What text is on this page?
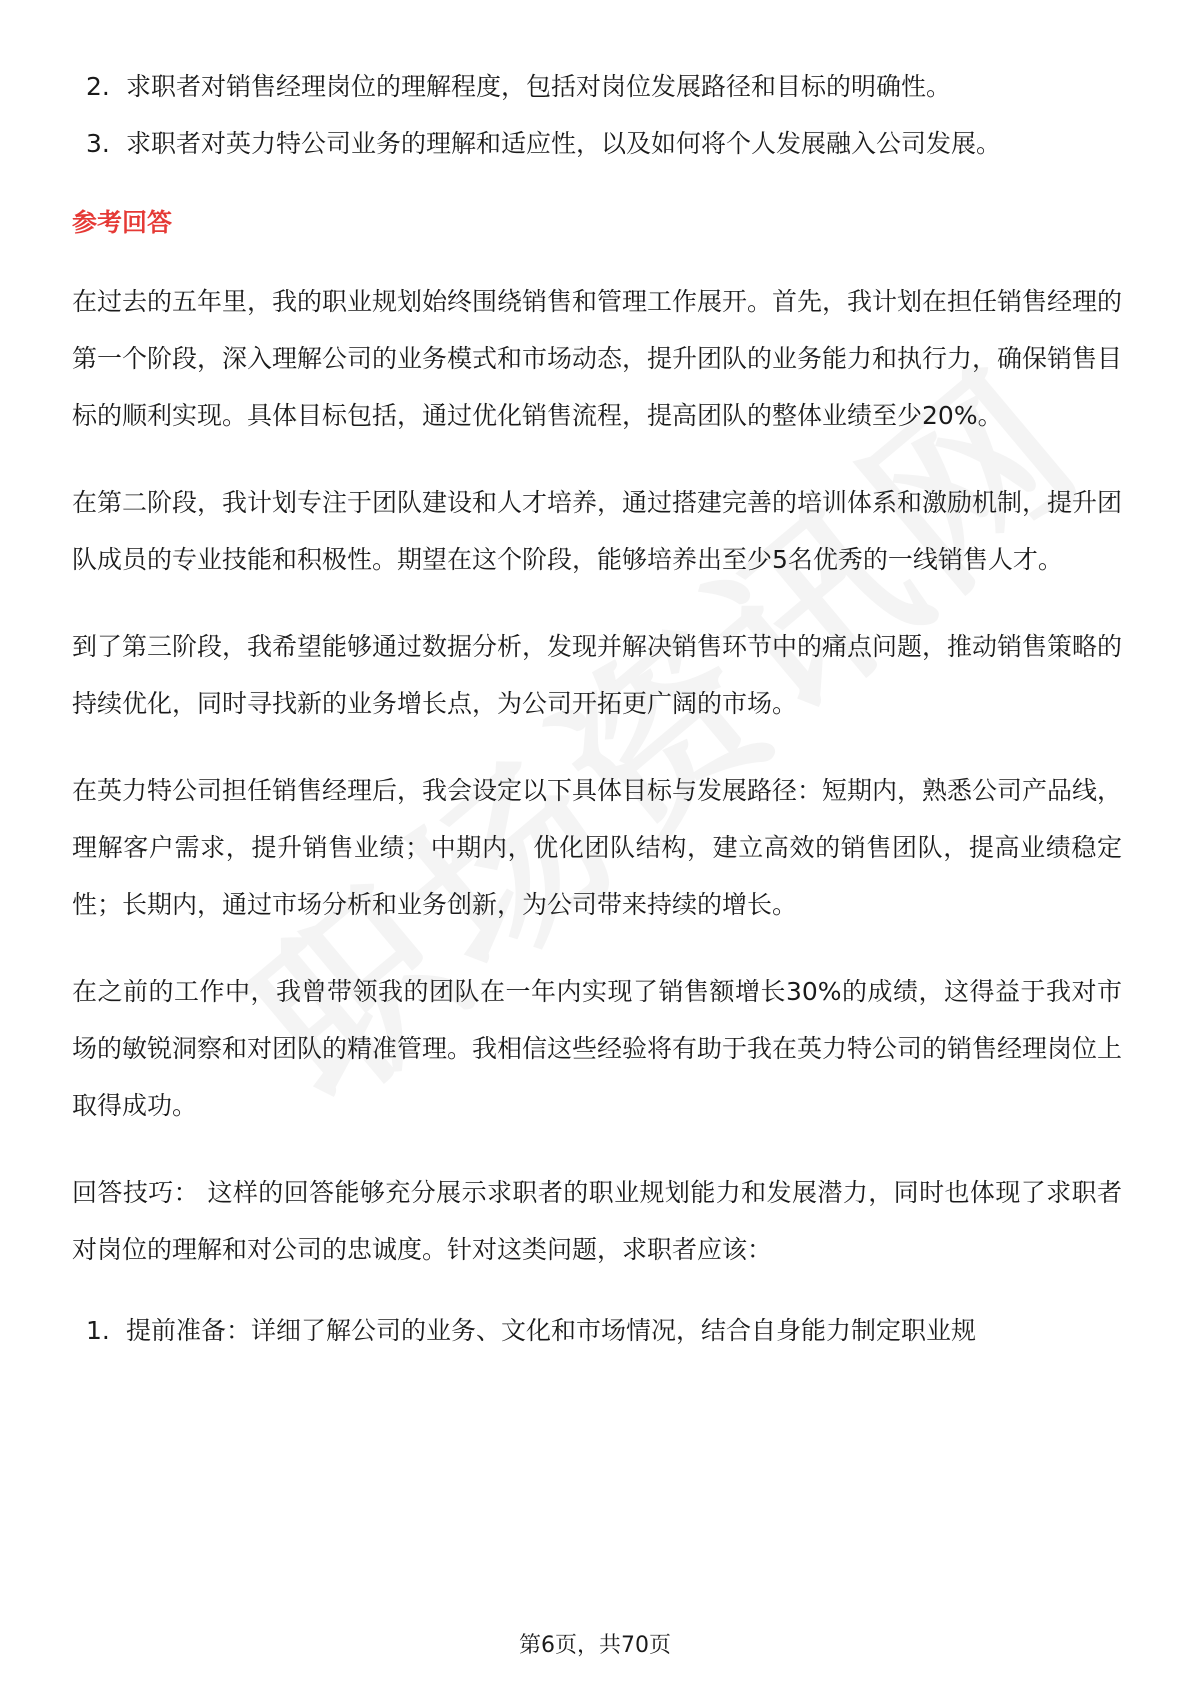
2. 求职者对销售经理岗位的理解程度，包括对岗位发展路径和目标的明确性。
3. 求职者对英力特公司业务的理解和适应性，以及如何将个人发展融入公司发展。
参考回答

在过去的五年里，我的职业规划始终围绕销售和管理工作展开。首先，我计划在担任销售经理的第一个阶段，深入理解公司的业务模式和市场动态，提升团队的业务能力和执行力，确保销售目标的顺利实现。具体目标包括，通过优化销售流程，提高团队的整体业绩至少20%。

在第二阶段，我计划专注于团队建设和人才培养，通过搭建完善的培训体系和激励机制，提升团队成员的专业技能和积极性。期望在这个阶段，能够培养出至少5名优秀的一线销售人才。

到了第三阶段，我希望能够通过数据分析，发现并解决销售环节中的痛点问题，推动销售策略的持续优化，同时寻找新的业务增长点，为公司开拓更广阔的市场。

在英力特公司担任销售经理后，我会设定以下具体目标与发展路径：短期内，熟悉公司产品线，理解客户需求，提升销售业绩；中期内，优化团队结构，建立高效的销售团队，提高业绩稳定性；长期内，通过市场分析和业务创新，为公司带来持续的增长。

在之前的工作中，我曾带领我的团队在一年内实现了销售额增长30%的成绩，这得益于我对市场的敏锐洞察和对团队的精准管理。我相信这些经验将有助于我在英力特公司的销售经理岗位上取得成功。

回答技巧： 这样的回答能够充分展示求职者的职业规划能力和发展潜力，同时也体现了求职者对岗位的理解和对公司的忠诚度。针对这类问题，求职者应该：

1. 提前准备：详细了解公司的业务、文化和市场情况，结合自身能力制定职业规
第6页，共70页
